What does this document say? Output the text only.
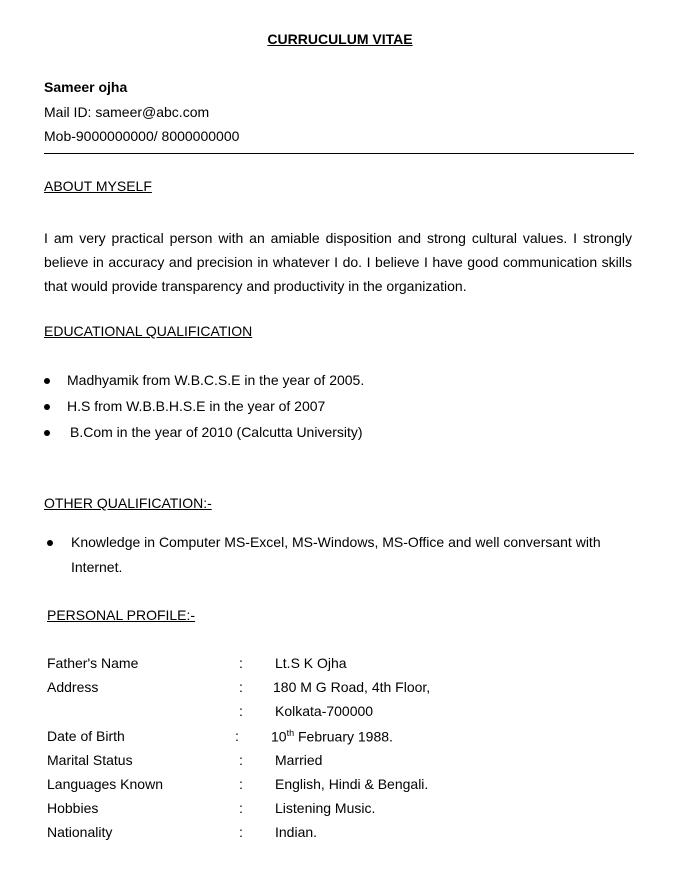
CURRUCULUM VITAE
Sameer ojha
Mail ID: sameer@abc.com
Mob-9000000000/ 8000000000
ABOUT MYSELF
I am very practical person with an amiable disposition and strong cultural values. I strongly believe in accuracy and precision in whatever I do. I believe I have good communication skills that would provide transparency and productivity in the organization.
EDUCATIONAL QUALIFICATION
Madhyamik from W.B.C.S.E in the year of 2005.
H.S from W.B.B.H.S.E in the year of 2007
B.Com in the year of 2010 (Calcutta University)
OTHER QUALIFICATION:-
Knowledge in Computer MS-Excel, MS-Windows, MS-Office and well conversant with
Internet.
PERSONAL PROFILE:-
Father's Name	:	Lt.S K Ojha
Address	:	180 M G Road, 4th Floor,
:	Kolkata-700000
Date of Birth	:	10th February 1988.
Marital Status	:	Married
Languages Known	:	English, Hindi & Bengali.
Hobbies	:	Listening Music.
Nationality	:	Indian.
